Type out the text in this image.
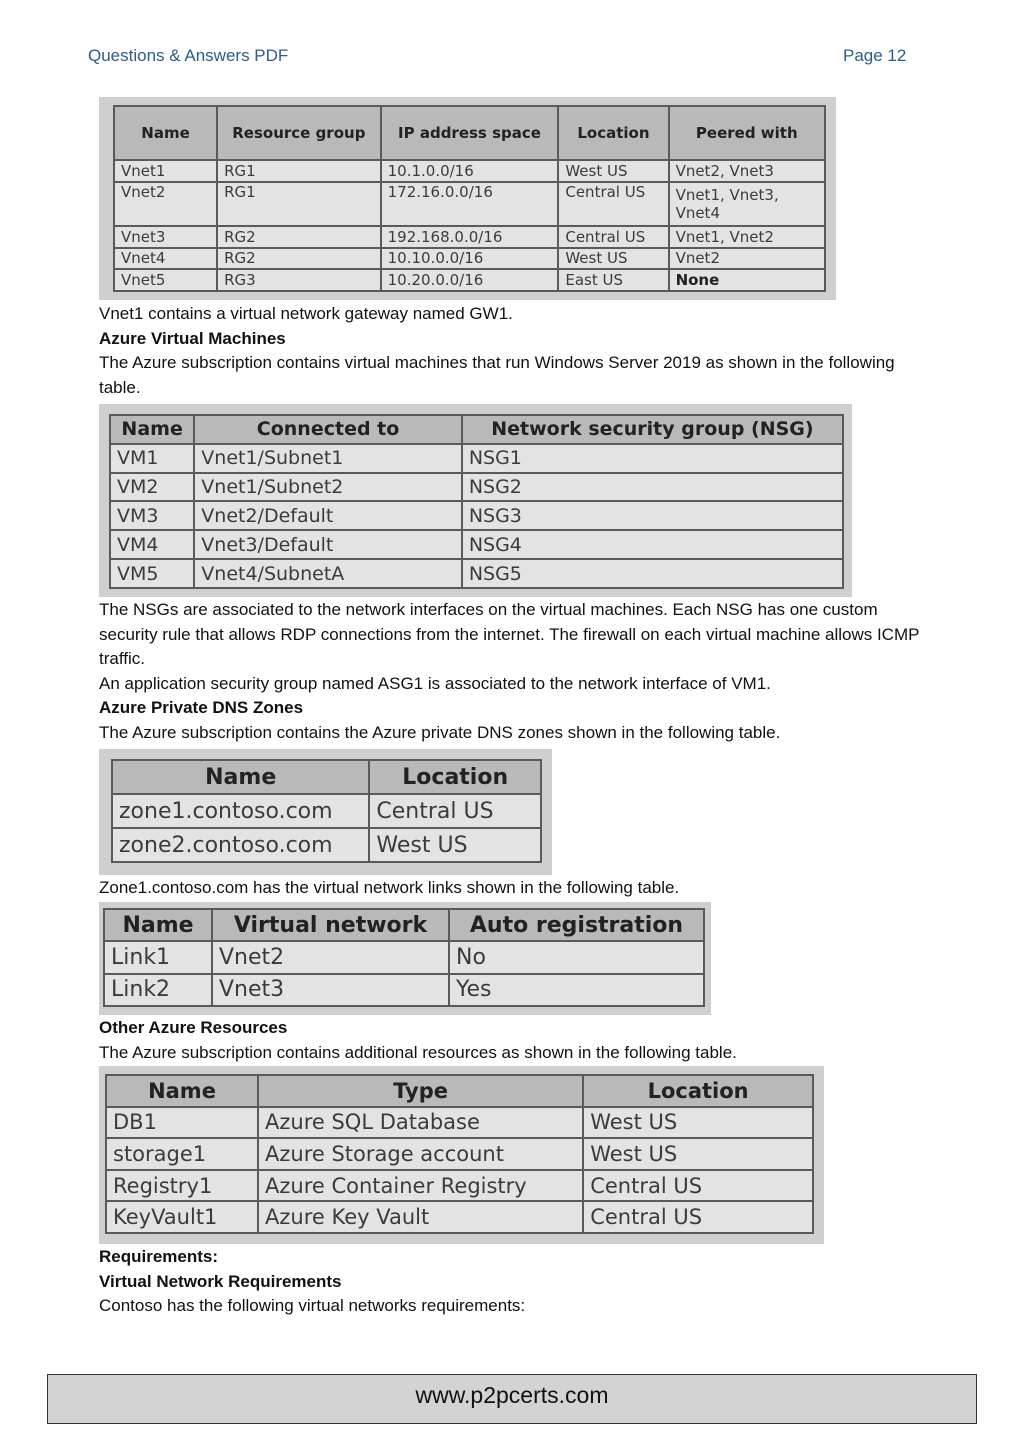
Questions & Answers PDF	Page 12
Name	Resource group	IP address space	Location	Peered with
Vnet1	RG1	10.1.0.0/16	West US	Vnet2, Vnet3
Vnet2	RG1	172.16.0.0/16	Central US	Vnet1, Vnet3, Vnet4
Vnet3	RG2	192.168.0.0/16	Central US	Vnet1, Vnet2
Vnet4	RG2	10.10.0.0/16	West US	Vnet2
Vnet5	RG3	10.20.0.0/16	East US	None
Vnet1 contains a virtual network gateway named GW1.
Azure Virtual Machines
The Azure subscription contains virtual machines that run Windows Server 2019 as shown in the following table.
Name	Connected to	Network security group (NSG)
VM1	Vnet1/Subnet1	NSG1
VM2	Vnet1/Subnet2	NSG2
VM3	Vnet2/Default	NSG3
VM4	Vnet3/Default	NSG4
VM5	Vnet4/SubnetA	NSG5
The NSGs are associated to the network interfaces on the virtual machines. Each NSG has one custom security rule that allows RDP connections from the internet. The firewall on each virtual machine allows ICMP traffic.
An application security group named ASG1 is associated to the network interface of VM1.
Azure Private DNS Zones
The Azure subscription contains the Azure private DNS zones shown in the following table.
Name	Location
zone1.contoso.com	Central US
zone2.contoso.com	West US
Zone1.contoso.com has the virtual network links shown in the following table.
Name	Virtual network	Auto registration
Link1	Vnet2	No
Link2	Vnet3	Yes
Other Azure Resources
The Azure subscription contains additional resources as shown in the following table.
Name	Type	Location
DB1	Azure SQL Database	West US
storage1	Azure Storage account	West US
Registry1	Azure Container Registry	Central US
KeyVault1	Azure Key Vault	Central US
Requirements:
Virtual Network Requirements
Contoso has the following virtual networks requirements:
www.p2pcerts.com
